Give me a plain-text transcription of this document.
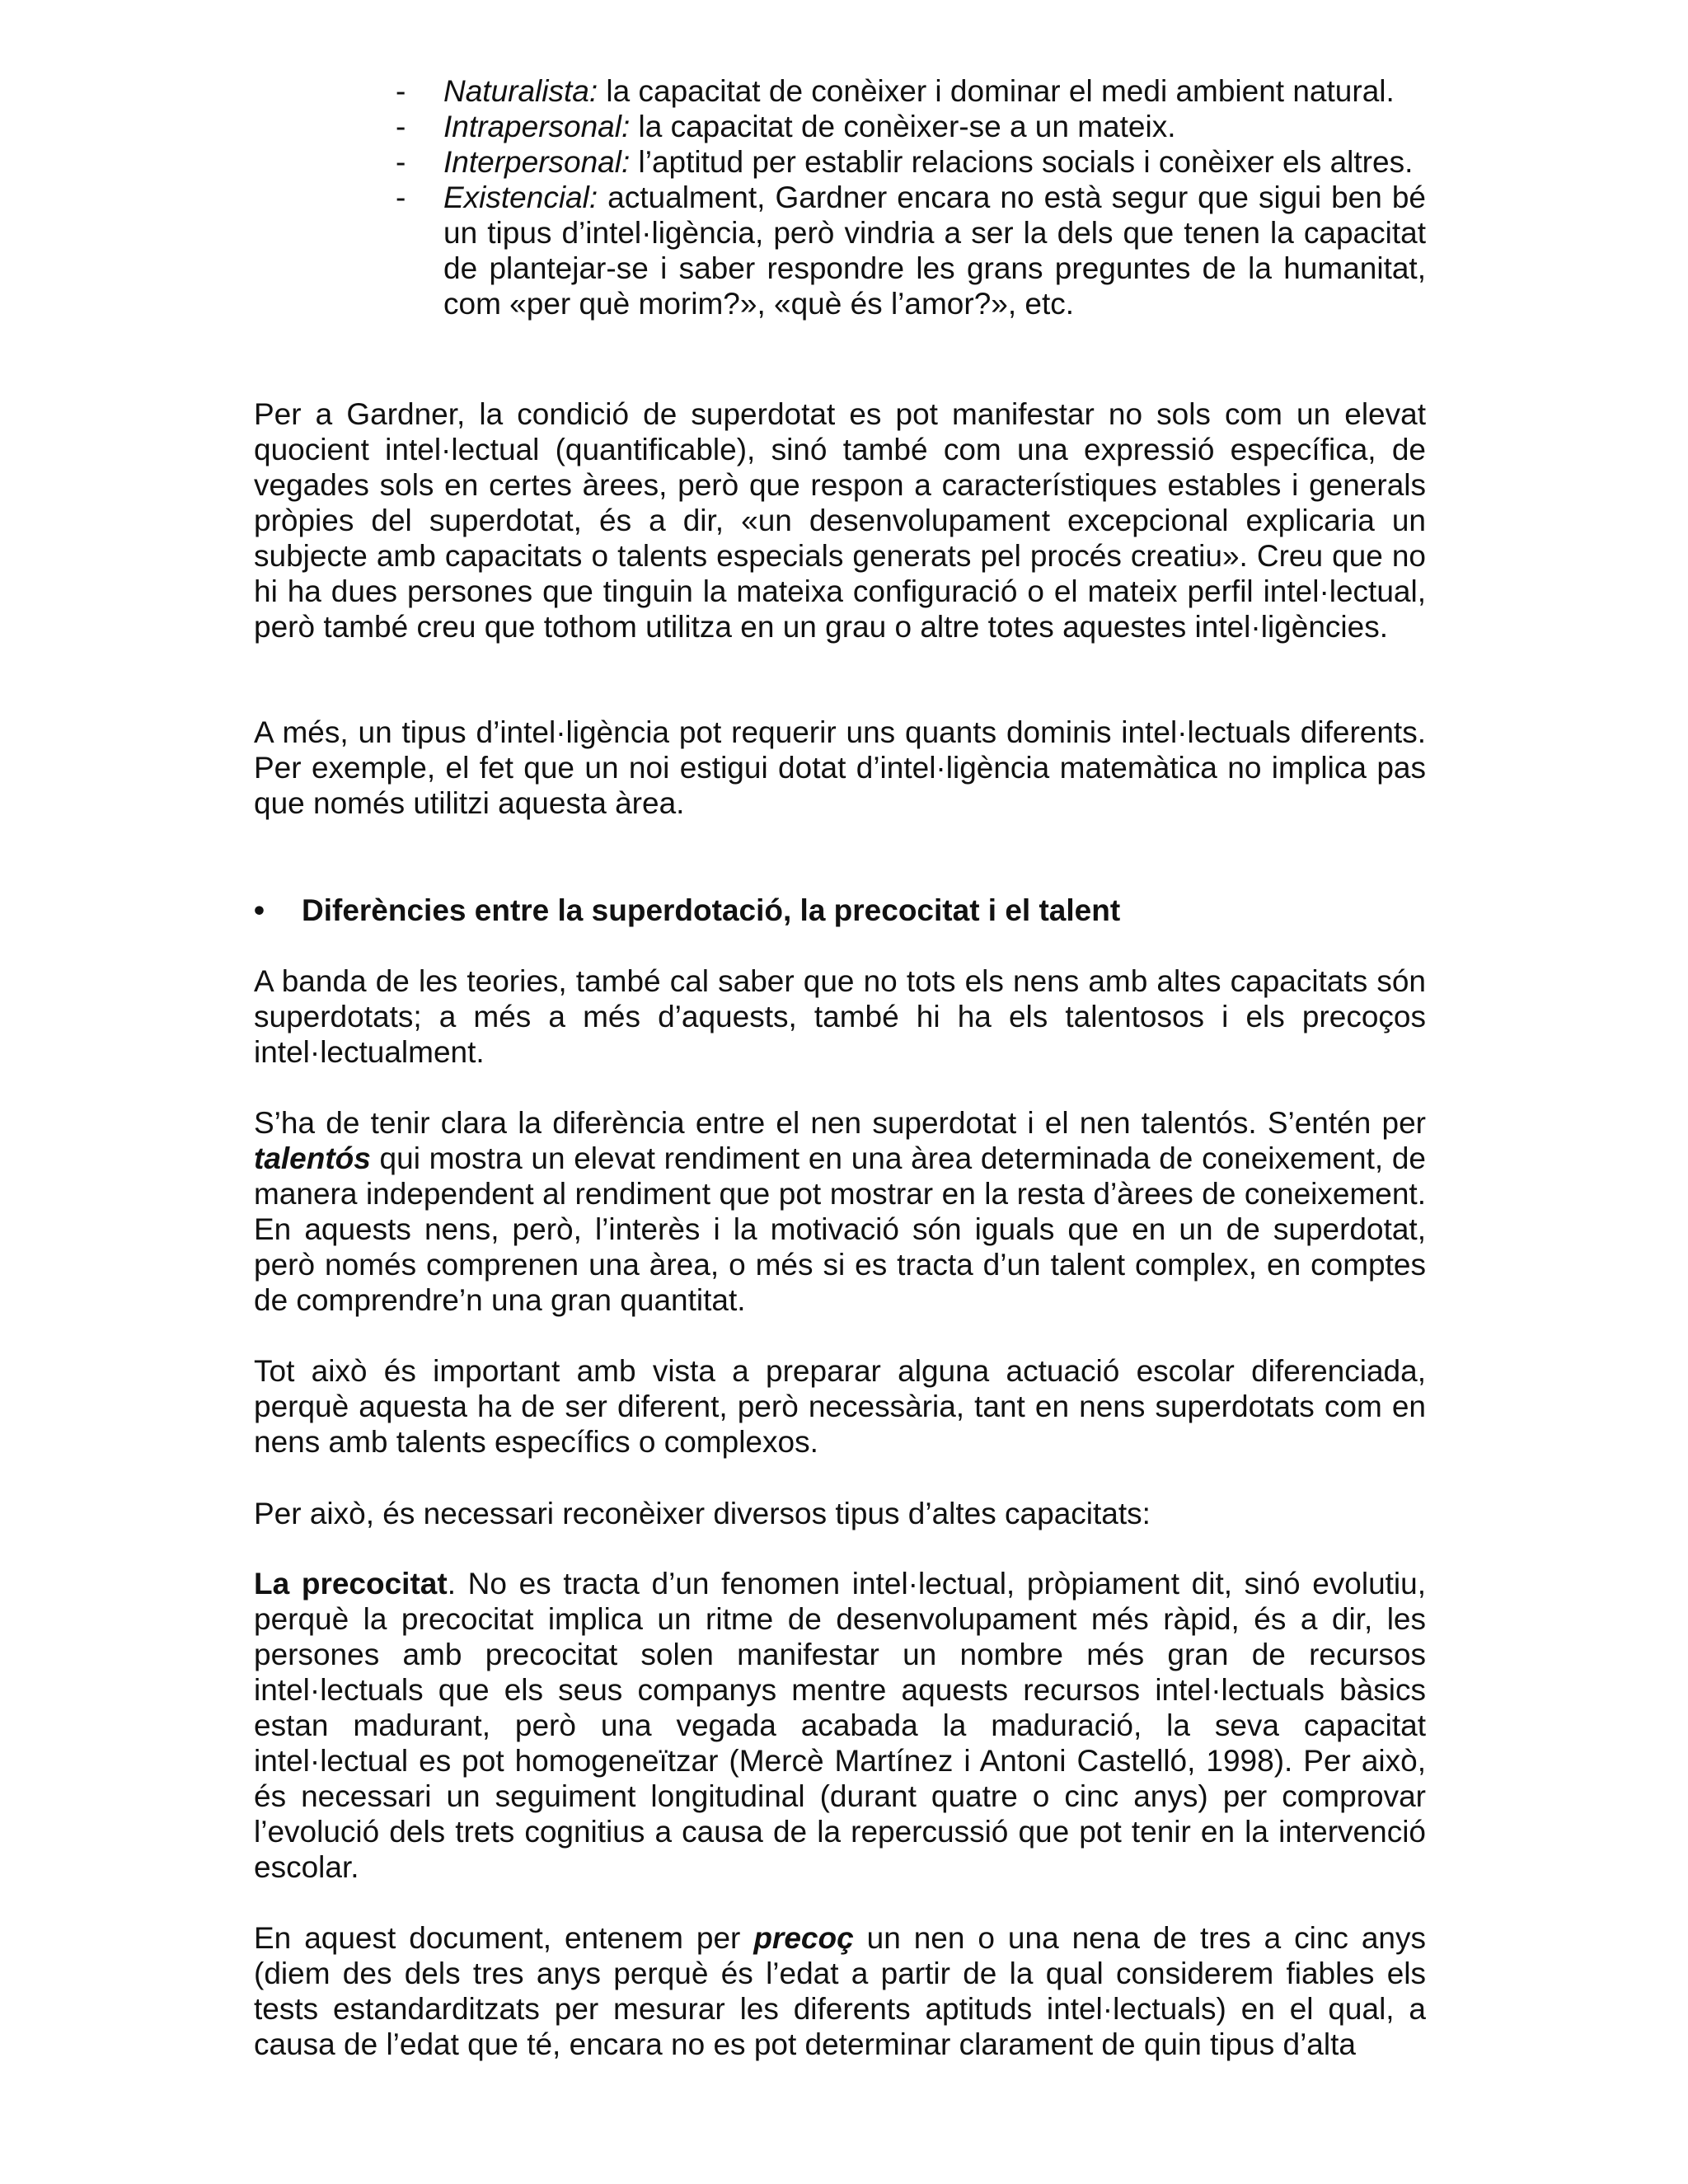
- Naturalista: la capacitat de conèixer i dominar el medi ambient natural.
- Intrapersonal: la capacitat de conèixer-se a un mateix.
- Interpersonal: l’aptitud per establir relacions socials i conèixer els altres.
- Existencial: actualment, Gardner encara no està segur que sigui ben bé un tipus d’intel·ligència, però vindria a ser la dels que tenen la capacitat de plantejar-se i saber respondre les grans preguntes de la humanitat, com «per què morim?», «què és l’amor?», etc.

Per a Gardner, la condició de superdotat es pot manifestar no sols com un elevat quocient intel·lectual (quantificable), sinó també com una expressió específica, de vegades sols en certes àrees, però que respon a característiques estables i generals pròpies del superdotat, és a dir, «un desenvolupament excepcional explicaria un subjecte amb capacitats o talents especials generats pel procés creatiu». Creu que no hi ha dues persones que tinguin la mateixa configuració o el mateix perfil intel·lectual, però també creu que tothom utilitza en un grau o altre totes aquestes intel·ligències.

A més, un tipus d’intel·ligència pot requerir uns quants dominis intel·lectuals diferents. Per exemple, el fet que un noi estigui dotat d’intel·ligència matemàtica no implica pas que només utilitzi aquesta àrea.

• Diferències entre la superdotació, la precocitat i el talent

A banda de les teories, també cal saber que no tots els nens amb altes capacitats són superdotats; a més a més d’aquests, també hi ha els talentosos i els precoços intel·lectualment.

S’ha de tenir clara la diferència entre el nen superdotat i el nen talentós. S’entén per talentós qui mostra un elevat rendiment en una àrea determinada de coneixement, de manera independent al rendiment que pot mostrar en la resta d’àrees de coneixement. En aquests nens, però, l’interès i la motivació són iguals que en un de superdotat, però només comprenen una àrea, o més si es tracta d’un talent complex, en comptes de comprendre’n una gran quantitat.

Tot això és important amb vista a preparar alguna actuació escolar diferenciada, perquè aquesta ha de ser diferent, però necessària, tant en nens superdotats com en nens amb talents específics o complexos.

Per això, és necessari reconèixer diversos tipus d’altes capacitats:

La precocitat. No es tracta d’un fenomen intel·lectual, pròpiament dit, sinó evolutiu, perquè la precocitat implica un ritme de desenvolupament més ràpid, és a dir, les persones amb precocitat solen manifestar un nombre més gran de recursos intel·lectuals que els seus companys mentre aquests recursos intel·lectuals bàsics estan madurant, però una vegada acabada la maduració, la seva capacitat intel·lectual es pot homogeneïtzar (Mercè Martínez i Antoni Castelló, 1998). Per això, és necessari un seguiment longitudinal (durant quatre o cinc anys) per comprovar l’evolució dels trets cognitius a causa de la repercussió que pot tenir en la intervenció escolar.

En aquest document, entenem per precoç un nen o una nena de tres a cinc anys (diem des dels tres anys perquè és l’edat a partir de la qual considerem fiables els tests estandarditzats per mesurar les diferents aptituds intel·lectuals) en el qual, a causa de l’edat que té, encara no es pot determinar clarament de quin tipus d’alta
